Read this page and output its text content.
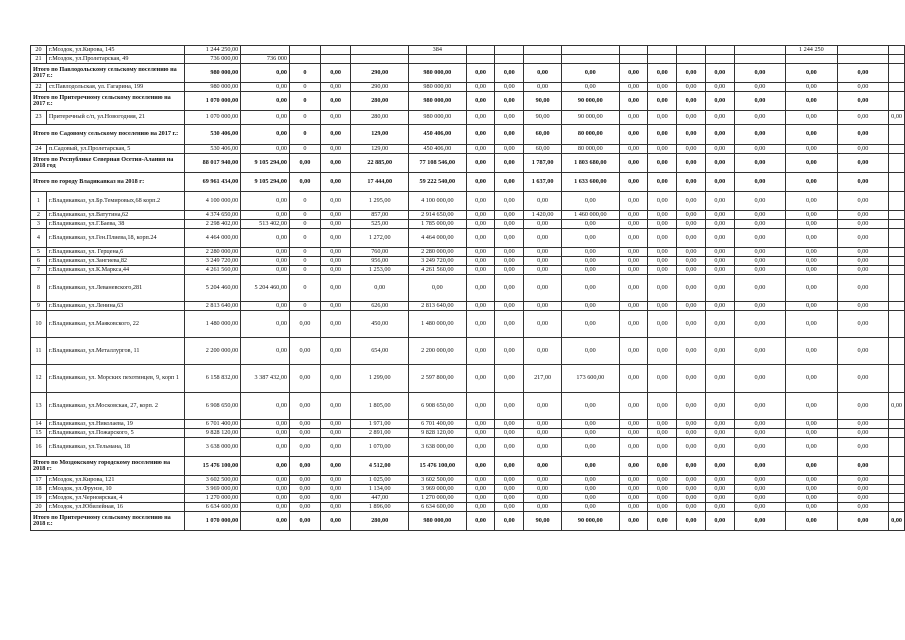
20	г.Моздок, ул.Кирова, 145	1 244 250,00					384										1 244 250		
21	г.Моздок, ул.Пролетарская, 49	736 000,00	736 000																
Итого по Павлодольскому сельскому поселению на 2017 г.:		980 000,00	0,00	0	0,00	290,00	980 000,00	0,00	0,00	0,00	0,00	0,00	0,00	0,00	0,00	0,00	0,00	0,00	
22	ст.Павлодольская, ул. Гагарина, 199	980 000,00	0,00	0	0,00	290,00	980 000,00	0,00	0,00	0,00	0,00	0,00	0,00	0,00	0,00	0,00	0,00	0,00	
Итого по Притеречному сельскому поселению на 2017 г.:		1 070 000,00	0,00	0	0,00	280,00	980 000,00	0,00	0,00	90,00	90 000,00	0,00	0,00	0,00	0,00	0,00	0,00	0,00	
23	Притеречный с/п, ул.Новогодняя, 21	1 070 000,00	0,00	0	0,00	280,00	980 000,00	0,00	0,00	90,00	90 000,00	0,00	0,00	0,00	0,00	0,00	0,00	0,00	0,00
Итого по Садовому сельскому поселению на 2017 г.:		530 406,00	0,00	0	0,00	129,00	450 406,00	0,00	0,00	60,00	80 000,00	0,00	0,00	0,00	0,00	0,00	0,00	0,00	
24	п.Садовый, ул.Пролетарская, 5	530 406,00	0,00	0	0,00	129,00	450 406,00	0,00	0,00	60,00	80 000,00	0,00	0,00	0,00	0,00	0,00	0,00	0,00	
Итого по Республике Северная Осетия-Алания на 2018 год		88 017 940,00	9 105 294,00	0,00	0,00	22 885,00	77 108 546,00	0,00	0,00	1 787,00	1 803 680,00	0,00	0,00	0,00	0,00	0,00	0,00	0,00	
Итого по городу Владикавказ на 2018 г:		69 961 434,00	9 105 294,00	0,00	0,00	17 444,00	59 222 540,00	0,00	0,00	1 637,00	1 633 600,00	0,00	0,00	0,00	0,00	0,00	0,00	0,00	
1	г.Владикавказ, ул.Бр.Темировых,68 корп.2	4 100 000,00	0,00	0	0,00	1 295,00	4 100 000,00	0,00	0,00	0,00	0,00	0,00	0,00	0,00	0,00	0,00	0,00	0,00	
2	г.Владикавказ, ул.Ватутина,62	4 374 650,00	0,00	0	0,00	857,00	2 914 650,00	0,00	0,00	1 420,00	1 460 000,00	0,00	0,00	0,00	0,00	0,00	0,00	0,00	
3	г.Владикавказ, ул.Г.Баева, 38	2 298 402,00	513 402,00	0	0,00	525,00	1 785 000,00	0,00	0,00	0,00	0,00	0,00	0,00	0,00	0,00	0,00	0,00	0,00	
4	г.Владикавказ, ул.Ген.Плиева,18, корп.24	4 464 000,00	0,00	0	0,00	1 272,00	4 464 000,00	0,00	0,00	0,00	0,00	0,00	0,00	0,00	0,00	0,00	0,00	0,00	
5	г.Владикавказ, ул. Герцена,6	2 280 000,00	0,00	0	0,00	760,00	2 280 000,00	0,00	0,00	0,00	0,00	0,00	0,00	0,00	0,00	0,00	0,00	0,00	
6	г.Владикавказ, ул.Зангиева,82	3 249 720,00	0,00	0	0,00	956,00	3 249 720,00	0,00	0,00	0,00	0,00	0,00	0,00	0,00	0,00	0,00	0,00	0,00	
7	г.Владикавказ, ул.К.Маркса,44	4 261 560,00	0,00	0	0,00	1 253,00	4 261 560,00	0,00	0,00	0,00	0,00	0,00	0,00	0,00	0,00	0,00	0,00	0,00	
8	г.Владикавказ, ул.Леваневского,281	5 204 460,00	5 204 460,00	0	0,00	0,00	0,00	0,00	0,00	0,00	0,00	0,00	0,00	0,00	0,00	0,00	0,00	0,00	
9	г.Владикавказ, ул.Ленина,63	2 813 640,00	0,00	0	0,00	626,00	2 813 640,00	0,00	0,00	0,00	0,00	0,00	0,00	0,00	0,00	0,00	0,00	0,00	
10	г.Владикавказ, ул.Маяковского, 22	1 480 000,00	0,00	0,00	0,00	450,00	1 480 000,00	0,00	0,00	0,00	0,00	0,00	0,00	0,00	0,00	0,00	0,00	0,00	
11	г.Владикавказ, ул.Металлургов, 11	2 200 000,00	0,00	0,00	0,00	654,00	2 200 000,00	0,00	0,00	0,00	0,00	0,00	0,00	0,00	0,00	0,00	0,00	0,00	
12	г.Владикавказ, ул. Морских пехотинцев, 9, корп 1	6 158 832,00	3 387 432,00	0,00	0,00	1 299,00	2 597 800,00	0,00	0,00	217,00	173 600,00	0,00	0,00	0,00	0,00	0,00	0,00	0,00	
13	г.Владикавказ, ул.Московская, 27, корп. 2	6 908 650,00	0,00	0,00	0,00	1 805,00	6 908 650,00	0,00	0,00	0,00	0,00	0,00	0,00	0,00	0,00	0,00	0,00	0,00	0,00
14	г.Владикавказ, ул.Николаева, 19	6 701 400,00	0,00	0,00	0,00	1 971,00	6 701 400,00	0,00	0,00	0,00	0,00	0,00	0,00	0,00	0,00	0,00	0,00	0,00	
15	г.Владикавказ, ул.Пожарского, 5	9 828 120,00	0,00	0,00	0,00	2 891,00	9 828 120,00	0,00	0,00	0,00	0,00	0,00	0,00	0,00	0,00	0,00	0,00	0,00	
16	г.Владикавказ, ул.Тельмана, 18	3 638 000,00	0,00	0,00	0,00	1 070,00	3 638 000,00	0,00	0,00	0,00	0,00	0,00	0,00	0,00	0,00	0,00	0,00	0,00	
Итого по Моздокскому городскому поселению на 2018 г:		15 476 100,00	0,00	0,00	0,00	4 512,00	15 476 100,00	0,00	0,00	0,00	0,00	0,00	0,00	0,00	0,00	0,00	0,00	0,00	
17	г.Моздок, ул.Кирова, 121	3 602 500,00	0,00	0,00	0,00	1 025,00	3 602 500,00	0,00	0,00	0,00	0,00	0,00	0,00	0,00	0,00	0,00	0,00	0,00	
18	г.Моздок, ул.Фрунзе, 10	3 969 000,00	0,00	0,00	0,00	1 134,00	3 969 000,00	0,00	0,00	0,00	0,00	0,00	0,00	0,00	0,00	0,00	0,00	0,00	
19	г.Моздок, ул.Черноярская, 4	1 270 000,00	0,00	0,00	0,00	447,00	1 270 000,00	0,00	0,00	0,00	0,00	0,00	0,00	0,00	0,00	0,00	0,00	0,00	
20	г.Моздок, ул.Юбилейная, 16	6 634 600,00	0,00	0,00	0,00	1 896,00	6 634 600,00	0,00	0,00	0,00	0,00	0,00	0,00	0,00	0,00	0,00	0,00	0,00	
Итого по Притеречному сельскому поселению на 2018 г.:		1 070 000,00	0,00	0,00	0,00	280,00	980 000,00	0,00	0,00	90,00	90 000,00	0,00	0,00	0,00	0,00	0,00	0,00	0,00	0,00
